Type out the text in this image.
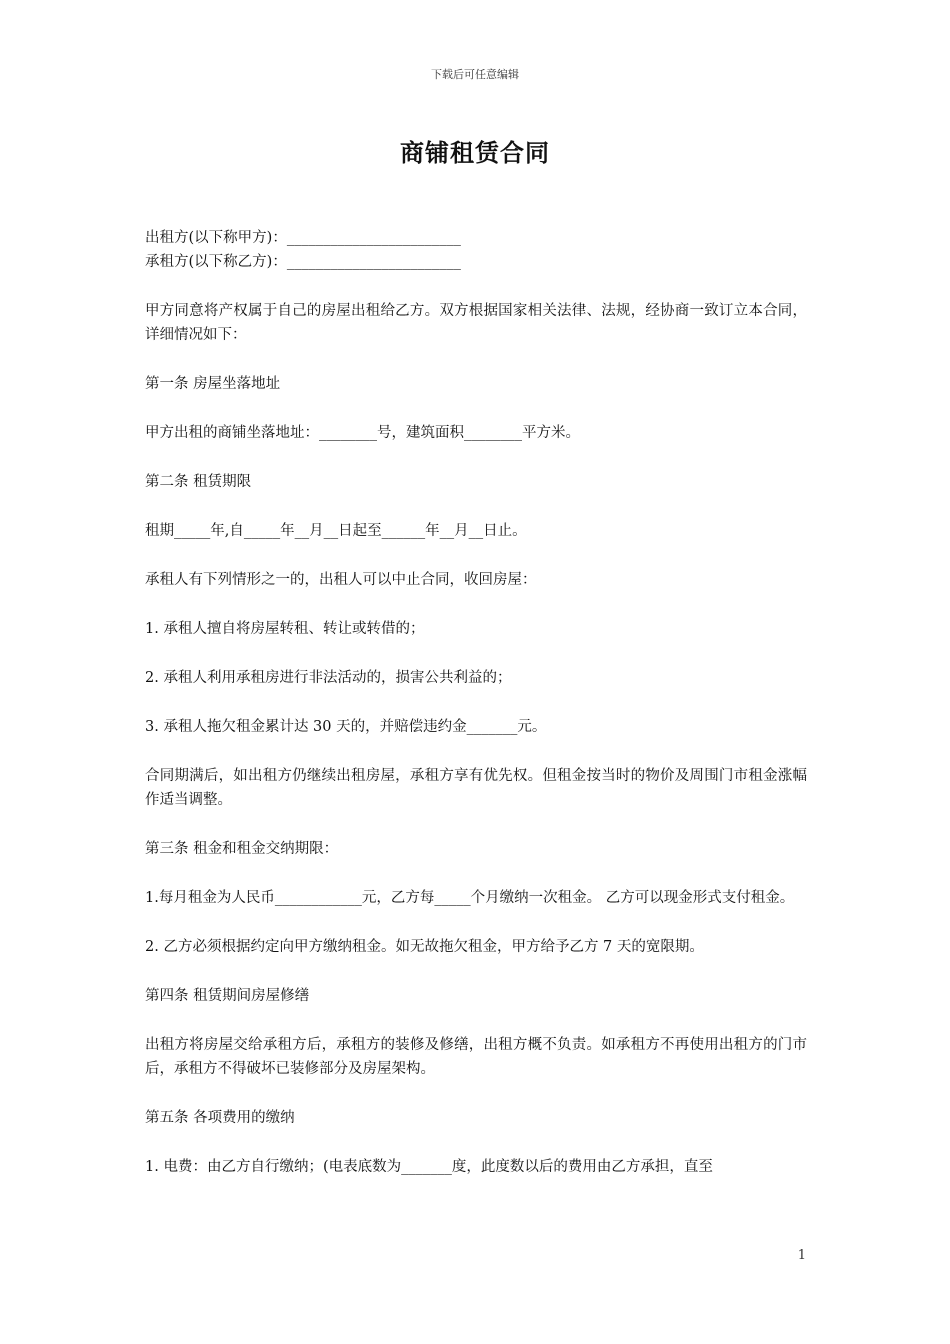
下载后可任意编辑
商铺租赁合同

出租方(以下称甲方)：________________________

承租方(以下称乙方)：________________________

甲方同意将产权属于自己的房屋出租给乙方。双方根据国家相关法律、法规，经协商一致订立本合同，详细情况如下：

第一条 房屋坐落地址

甲方出租的商铺坐落地址：________号，建筑面积________平方米。

第二条 租赁期限

租期_____年,自_____年__月__日起至______年__月__日止。

承租人有下列情形之一的，出租人可以中止合同，收回房屋：

1. 承租人擅自将房屋转租、转让或转借的；

2. 承租人利用承租房进行非法活动的，损害公共利益的；

3. 承租人拖欠租金累计达 30 天的，并赔偿违约金_______元。

合同期满后，如出租方仍继续出租房屋，承租方享有优先权。但租金按当时的物价及周围门市租金涨幅作适当调整。

第三条 租金和租金交纳期限：

1.每月租金为人民币____________元，乙方每_____个月缴纳一次租金。 乙方可以现金形式支付租金。

2. 乙方必须根据约定向甲方缴纳租金。如无故拖欠租金，甲方给予乙方 7 天的宽限期。

第四条 租赁期间房屋修缮

出租方将房屋交给承租方后，承租方的装修及修缮，出租方概不负责。如承租方不再使用出租方的门市后，承租方不得破坏已装修部分及房屋架构。

第五条 各项费用的缴纳

1. 电费：由乙方自行缴纳；(电表底数为_______度，此度数以后的费用由乙方承担，直至

1
